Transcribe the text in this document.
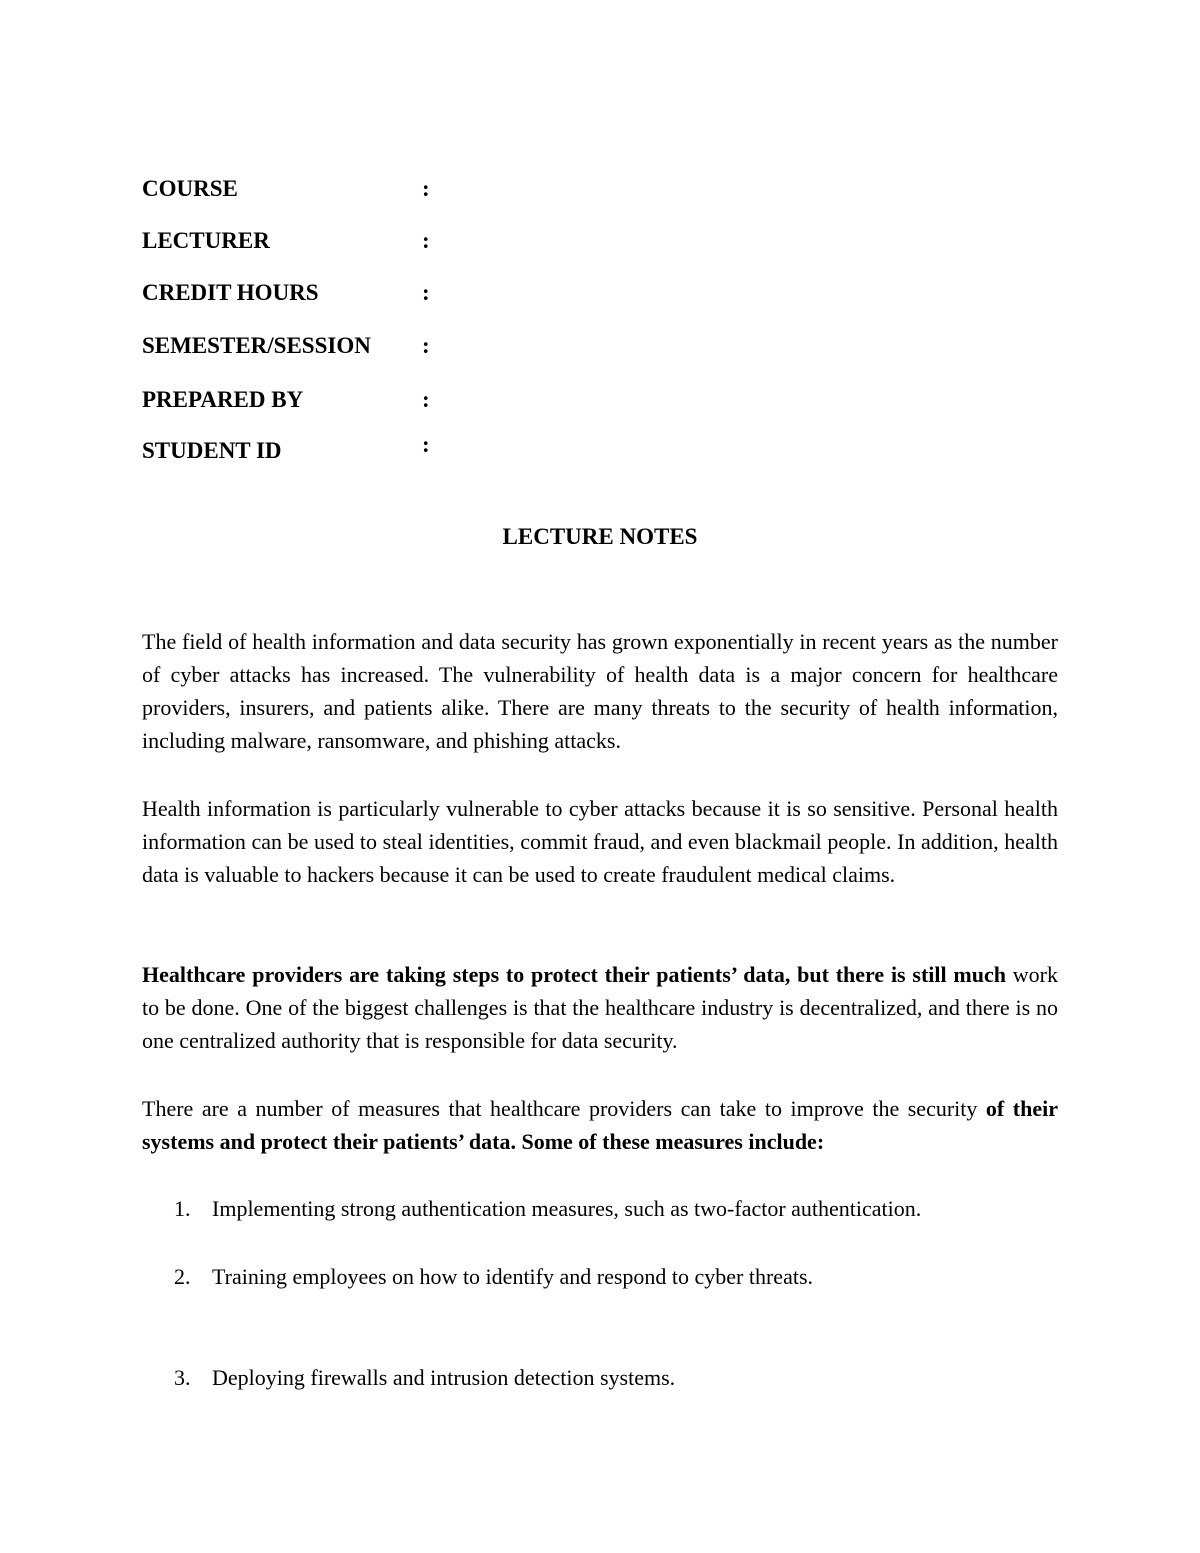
COURSE	:
LECTURER	:
CREDIT HOURS	:
SEMESTER/SESSION :
PREPARED BY	:
STUDENT ID	:
LECTURE NOTES

The field of health information and data security has grown exponentially in recent years as the number of cyber attacks has increased. The vulnerability of health data is a major concern for healthcare providers, insurers, and patients alike. There are many threats to the security of health information, including malware, ransomware, and phishing attacks.

Health information is particularly vulnerable to cyber attacks because it is so sensitive. Personal health information can be used to steal identities, commit fraud, and even blackmail people. In addition, health data is valuable to hackers because it can be used to create fraudulent medical claims.

Healthcare providers are taking steps to protect their patients’ data, but there is still much work to be done. One of the biggest challenges is that the healthcare industry is decentralized, and there is no one centralized authority that is responsible for data security.

There are a number of measures that healthcare providers can take to improve the security of their systems and protect their patients’ data. Some of these measures include:

1. Implementing strong authentication measures, such as two-factor authentication.
2. Training employees on how to identify and respond to cyber threats.
3. Deploying firewalls and intrusion detection systems.
